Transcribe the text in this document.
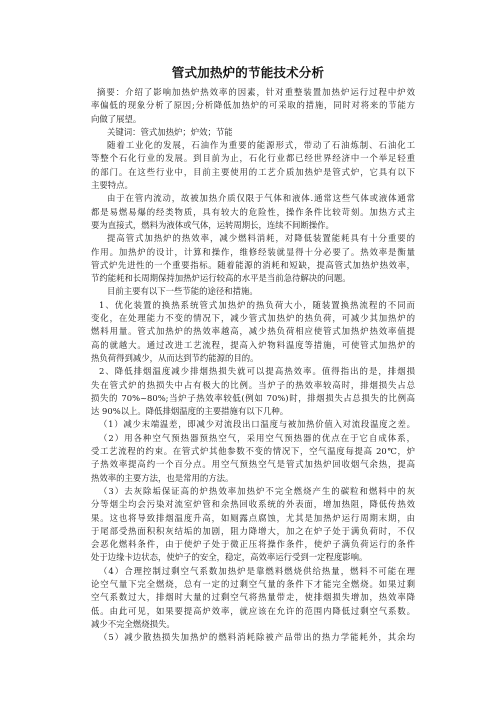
管式加热炉的节能技术分析
摘要：介绍了影响加热炉热效率的因素，针对重整装置加热炉运行过程中炉效
率偏低的现象分析了原因;分析降低加热炉的可采取的措施，同时对将来的节能方
向做了展望。
关键词：管式加热炉；炉效；节能
随着工业化的发展，石油作为重要的能源形式，带动了石油炼制、石油化工
等整个石化行业的发展。到目前为止，石化行业都已经世界经济中一个举足轻重
的部门。在这些行业中，目前主要使用的工艺介质加热炉是管式炉，它具有以下
主要特点。
由于在管内流动，故被加热介质仅限于气体和液体.通常这些气体或液体通常
都是易燃易爆的经类物质，具有较大的危险性，操作条件比较苛刻。加热方式主
要为直接式，燃料为液体或气体，运转周期长，连续不间断操作。
提高管式加热炉的热效率，减少燃料消耗，对降低装置能耗具有十分重要的
作用。加热炉的设计，计算和操作，维修经装就显得十分必要了。热效率是衡量
管式炉先进性的一个重要指标。随着能源的消耗和短缺，提高管式加热炉热效率，
节约能耗和长周期保持加热炉运行较高的水平是当前急待解决的问题。
目前主要有以下一些节能的途径和措施。
1、优化装置的换热系统管式加热炉的热负荷大小，随装置换热流程的不同而
变化，在处理能力不变的情况下，减少管式加热炉的热负荷，可减少其加热炉的
燃料用量。管式加热炉的热效率越高，减少热负荷相应使管式加热炉热效率值提
高的就越大。通过改进工艺流程，提高入炉物料温度等措施，可使管式加热炉的
热负荷得到减少，从而达到节约能源的目的。
2、降低排烟温度减少排烟热损失就可以提高热效率。值得指出的是，排烟损
失在管式炉的热损失中占有极大的比例。当炉子的热效率较高时，排烟损失占总
损失的 70%~80%;当炉子热效率较低(例如 70%)时，排烟损失占总损失的比例高
达 90%以上。降低排烟温度的主要措施有以下几种。
（1）减少末端温差，即减少对流段出口温度与被加热价值入对流段温度之差。
（2）用各种空气预热器预热空气，采用空气预热器的优点在于它自成体系，
受工艺流程的约束。在管式炉其他参数不变的情况下，空气温度每提高 20℃，炉
子热效率提高约一个百分点。用空气预热空气是管式加热炉回收烟气余热，提高
热效率的主要方法，也是常用的方法。
（3）去灰除垢保证高的炉热效率加热炉不完全燃烧产生的碳粒和燃料中的灰
分等烟尘均会污染对流室炉管和余热回收系统的外表面，增加热阻，降低传热效
果。这也将导致排烟温度升高，如厕露点腐蚀，尤其是加热炉运行周期末期，由
于尾部受热面积积灰结垢的加剧，阻力降增大，加之在炉子处于满负荷时，不仅
会恶化燃料条件，由于使炉子处于微正压将操作条件，使炉子满负荷运行的条件
处于边缘卡边状态，使炉子的安全，稳定，高效率运行受到一定程度影响。
（4）合理控制过剩空气系数加热炉是靠燃料燃烧供给热量，燃料不可能在理
论空气量下完全燃烧，总有一定的过剩空气量的条件下才能完全燃烧。如果过剩
空气系数过大，排烟时大量的过剩空气将热量带走，使排烟损失增加，热效率降
低。由此可见，如果要提高炉效率，就应该在允许的范围内降低过剩空气系数。
减少不完全燃烧损失。
（5）减少散热损失加热炉的燃料消耗除被产品带出的热力学能耗外，其余均
